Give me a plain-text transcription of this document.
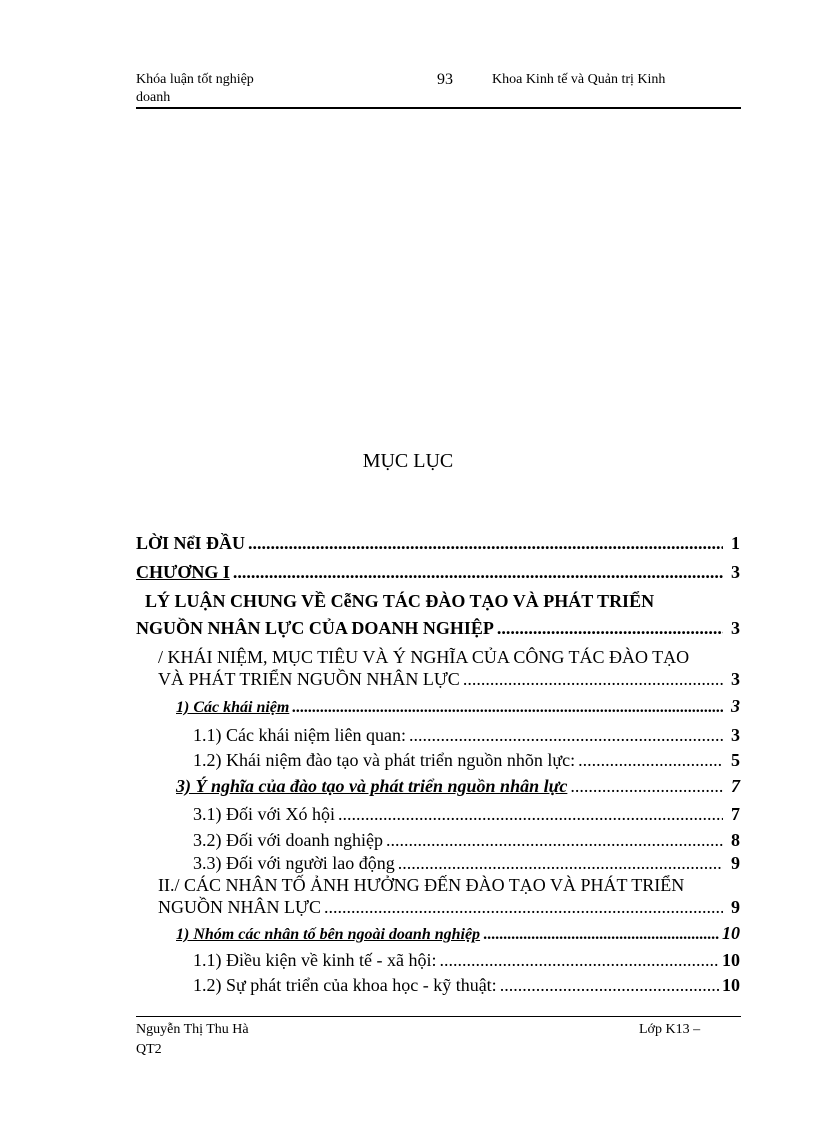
Khóa luận tốt nghiệp
doanh
93	Khoa Kinh tế và Quản trị Kinh
MỤC LỤC
LỜI NểI ĐẦU .....	1
CHƯƠNG I .....	3
LÝ LUẬN CHUNG VỀ CễNG TÁC ĐÀO TẠO VÀ PHÁT TRIỂN
NGUỒN NHÂN LỰC CỦA DOANH NGHIỆP .....	3
/ KHÁI NIỆM, MỤC TIÊU VÀ Ý NGHĨA CỦA CÔNG TÁC ĐÀO TẠO
VÀ PHÁT TRIỂN NGUỒN NHÂN LỰC .....	3
1) Các khái niệm .....	3
1.1) Các khái niệm liên quan: .....	3
1.2) Khái niệm đào tạo và phát triển nguồn nhõn lực: .....	5
3) Ý nghĩa của đào tạo và phát triển nguồn nhân lực .....	7
3.1) Đối với Xó hội .....	7
3.2) Đối với doanh nghiệp .....	8
3.3) Đối với người lao động .....	9
II./ CÁC NHÂN TỐ ẢNH HƯỞNG ĐẾN ĐÀO TẠO VÀ PHÁT TRIỂN
NGUỒN NHÂN LỰC .....	9
1) Nhóm các nhân tố bên ngoài doanh nghiệp .....	10
1.1) Điều kiện về kinh tế - xã hội: .....	10
1.2) Sự phát triển của khoa học - kỹ thuật: .....	10
Nguyễn Thị Thu Hà
QT2
Lớp K13 –
